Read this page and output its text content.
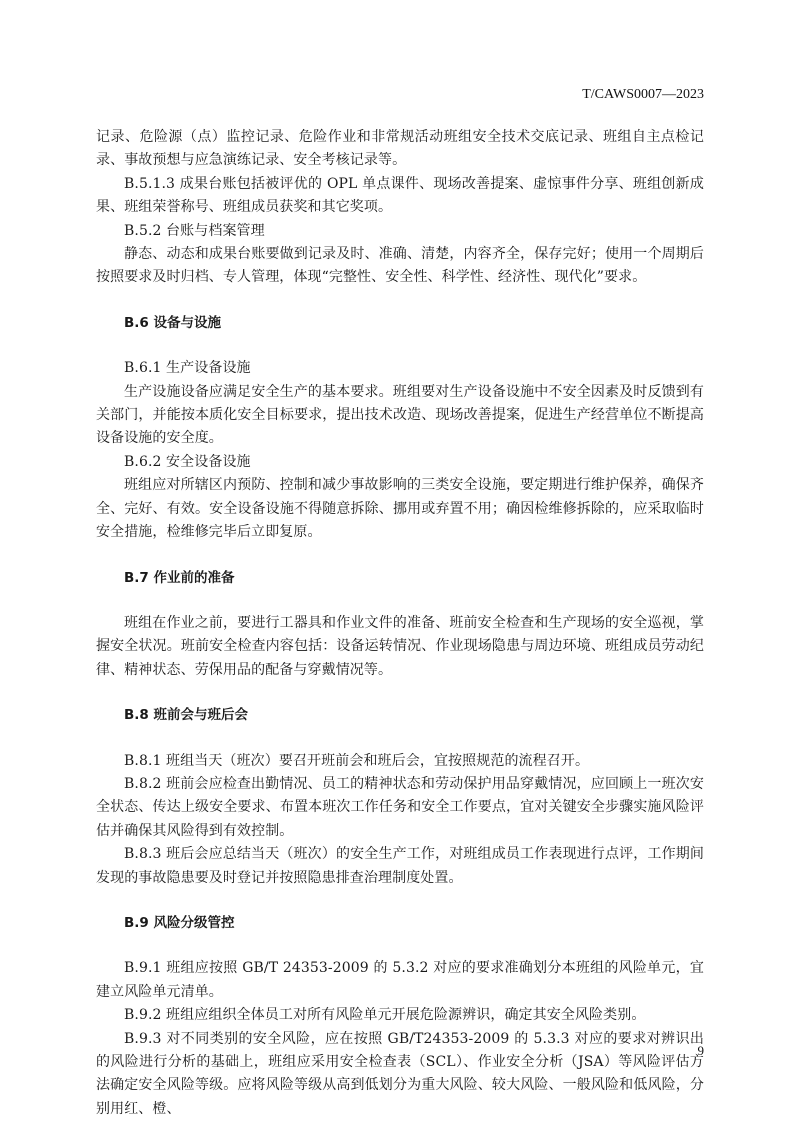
T/CAWS0007—2023

记录、危险源（点）监控记录、危险作业和非常规活动班组安全技术交底记录、班组自主点检记录、事故预想与应急演练记录、安全考核记录等。

B.5.1.3 成果台账包括被评优的 OPL 单点课件、现场改善提案、虚惊事件分享、班组创新成果、班组荣誉称号、班组成员获奖和其它奖项。

B.5.2 台账与档案管理

静态、动态和成果台账要做到记录及时、准确、清楚，内容齐全，保存完好；使用一个周期后按照要求及时归档、专人管理，体现“完整性、安全性、科学性、经济性、现代化”要求。

B.6 设备与设施

B.6.1 生产设备设施

生产设施设备应满足安全生产的基本要求。班组要对生产设备设施中不安全因素及时反馈到有关部门，并能按本质化安全目标要求，提出技术改造、现场改善提案，促进生产经营单位不断提高设备设施的安全度。

B.6.2 安全设备设施

班组应对所辖区内预防、控制和减少事故影响的三类安全设施，要定期进行维护保养，确保齐全、完好、有效。安全设备设施不得随意拆除、挪用或弃置不用；确因检维修拆除的，应采取临时安全措施，检维修完毕后立即复原。

B.7 作业前的准备

班组在作业之前，要进行工器具和作业文件的准备、班前安全检查和生产现场的安全巡视，掌握安全状况。班前安全检查内容包括：设备运转情况、作业现场隐患与周边环境、班组成员劳动纪律、精神状态、劳保用品的配备与穿戴情况等。

B.8 班前会与班后会

B.8.1 班组当天（班次）要召开班前会和班后会，宜按照规范的流程召开。

B.8.2 班前会应检查出勤情况、员工的精神状态和劳动保护用品穿戴情况，应回顾上一班次安全状态、传达上级安全要求、布置本班次工作任务和安全工作要点，宜对关键安全步骤实施风险评估并确保其风险得到有效控制。

B.8.3 班后会应总结当天（班次）的安全生产工作，对班组成员工作表现进行点评，工作期间发现的事故隐患要及时登记并按照隐患排查治理制度处置。

B.9 风险分级管控

B.9.1 班组应按照 GB/T 24353-2009 的 5.3.2 对应的要求准确划分本班组的风险单元，宜建立风险单元清单。

B.9.2 班组应组织全体员工对所有风险单元开展危险源辨识，确定其安全风险类别。

B.9.3 对不同类别的安全风险，应在按照 GB/T24353-2009 的 5.3.3 对应的要求对辨识出的风险进行分析的基础上，班组应采用安全检查表（SCL）、作业安全分析（JSA）等风险评估方法确定安全风险等级。应将风险等级从高到低划分为重大风险、较大风险、一般风险和低风险，分别用红、橙、

9
